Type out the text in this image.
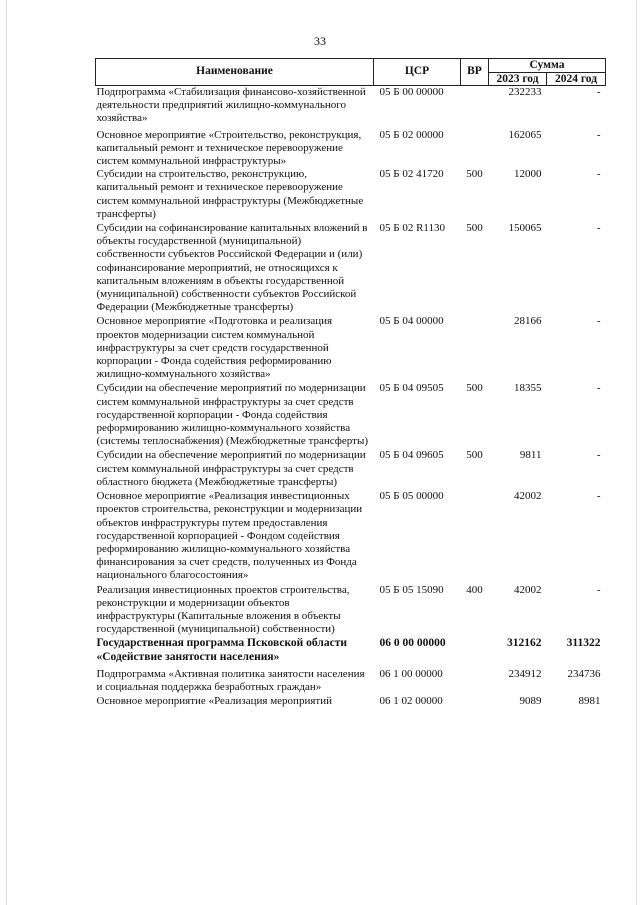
33
Наименование	ЦСР	ВР	Сумма	
			2023 год	2024 год
Подпрограмма «Стабилизация финансово-хозяйственной деятельности предприятий жилищно-коммунального хозяйства»	05 Б 00 00000		232233	-
Основное мероприятие «Строительство, реконструкция, капитальный ремонт и техническое перевооружение систем коммунальной инфраструктуры»	05 Б 02 00000		162065	-
Субсидии на строительство, реконструкцию, капитальный ремонт и техническое перевооружение систем коммунальной инфраструктуры (Межбюджетные трансферты)	05 Б 02 41720	500	12000	-
Субсидии на софинансирование капитальных вложений в объекты государственной (муниципальной) собственности субъектов Российской Федерации и (или) софинансирование мероприятий, не относящихся к капитальным вложениям в объекты государственной (муниципальной) собственности субъектов Российской Федерации (Межбюджетные трансферты)	05 Б 02 R1130	500	150065	-
Основное мероприятие «Подготовка и реализация проектов модернизации систем коммунальной инфраструктуры за счет средств государственной корпорации - Фонда содействия реформированию жилищно-коммунального хозяйства»	05 Б 04 00000		28166	-
Субсидии на обеспечение мероприятий по модернизации систем коммунальной инфраструктуры за счет средств государственной корпорации - Фонда содействия реформированию жилищно-коммунального хозяйства (системы теплоснабжения) (Межбюджетные трансферты)	05 Б 04 09505	500	18355	-
Субсидии на обеспечение мероприятий по модернизации систем коммунальной инфраструктуры за счет средств областного бюджета (Межбюджетные трансферты)	05 Б 04 09605	500	9811	-
Основное мероприятие «Реализация инвестиционных проектов строительства, реконструкции и модернизации объектов инфраструктуры путем предоставления государственной корпорацией - Фондом содействия реформированию жилищно-коммунального хозяйства финансирования за счет средств, полученных из Фонда национального благосостояния»	05 Б 05 00000		42002	-
Реализация инвестиционных проектов строительства, реконструкции и модернизации объектов инфраструктуры (Капитальные вложения в объекты государственной (муниципальной) собственности)	05 Б 05 15090	400	42002	-
Государственная программа Псковской области «Содействие занятости населения»	06 0 00 00000		312162	311322
Подпрограмма «Активная политика занятости населения и социальная поддержка безработных граждан»	06 1 00 00000		234912	234736
Основное мероприятие «Реализация мероприятий	06 1 02 00000		9089	8981
